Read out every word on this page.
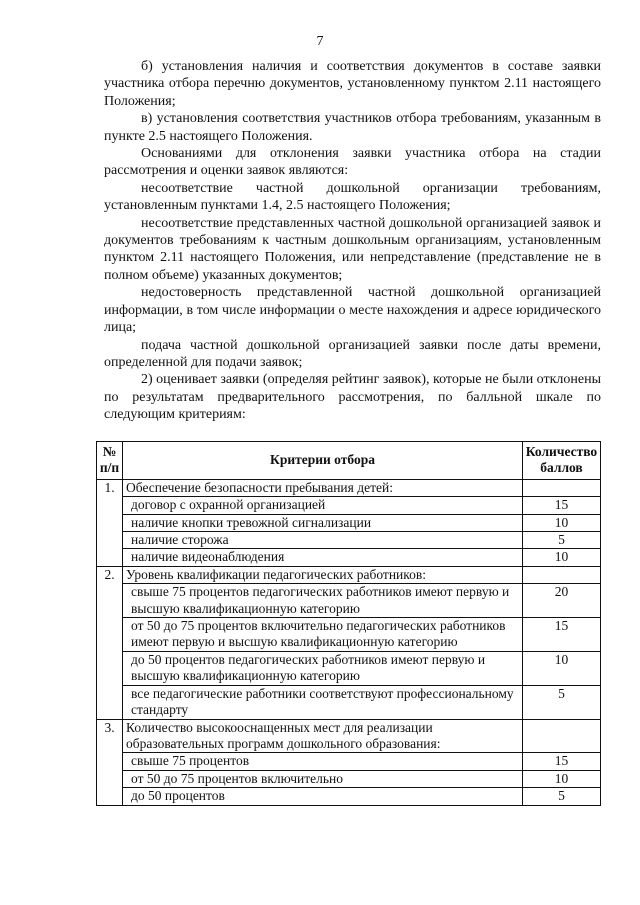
7

б) установления наличия и соответствия документов в составе заявки участника отбора перечню документов, установленному пунктом 2.11 настоящего Положения;

в) установления соответствия участников отбора требованиям, указанным в пункте 2.5 настоящего Положения.

Основаниями для отклонения заявки участника отбора на стадии рассмотрения и оценки заявок являются:

несоответствие частной дошкольной организации требованиям, установленным пунктами 1.4, 2.5 настоящего Положения;

несоответствие представленных частной дошкольной организацией заявок и документов требованиям к частным дошкольным организациям, установленным пунктом 2.11 настоящего Положения, или непредставление (представление не в полном объеме) указанных документов;

недостоверность представленной частной дошкольной организацией информации, в том числе информации о месте нахождения и адресе юридического лица;

подача частной дошкольной организацией заявки после даты времени, определенной для подачи заявок;

2) оценивает заявки (определяя рейтинг заявок), которые не были отклонены по результатам предварительного рассмотрения, по балльной шкале по следующим критериям:

№ п/п	Критерии отбора	Количество баллов
1.	Обеспечение безопасности пребывания детей:	
	договор с охранной организацией	15
	наличие кнопки тревожной сигнализации	10
	наличие сторожа	5
	наличие видеонаблюдения	10
2.	Уровень квалификации педагогических работников:	
	свыше 75 процентов педагогических работников имеют первую и высшую квалификационную категорию	20
	от 50 до 75 процентов включительно педагогических работников имеют первую и высшую квалификационную категорию	15
	до 50 процентов педагогических работников имеют первую и высшую квалификационную категорию	10
	все педагогические работники соответствуют профессиональному стандарту	5
3.	Количество высокооснащенных мест для реализации образовательных программ дошкольного образования:	
	свыше 75 процентов	15
	от 50 до 75 процентов включительно	10
	до 50 процентов	5
